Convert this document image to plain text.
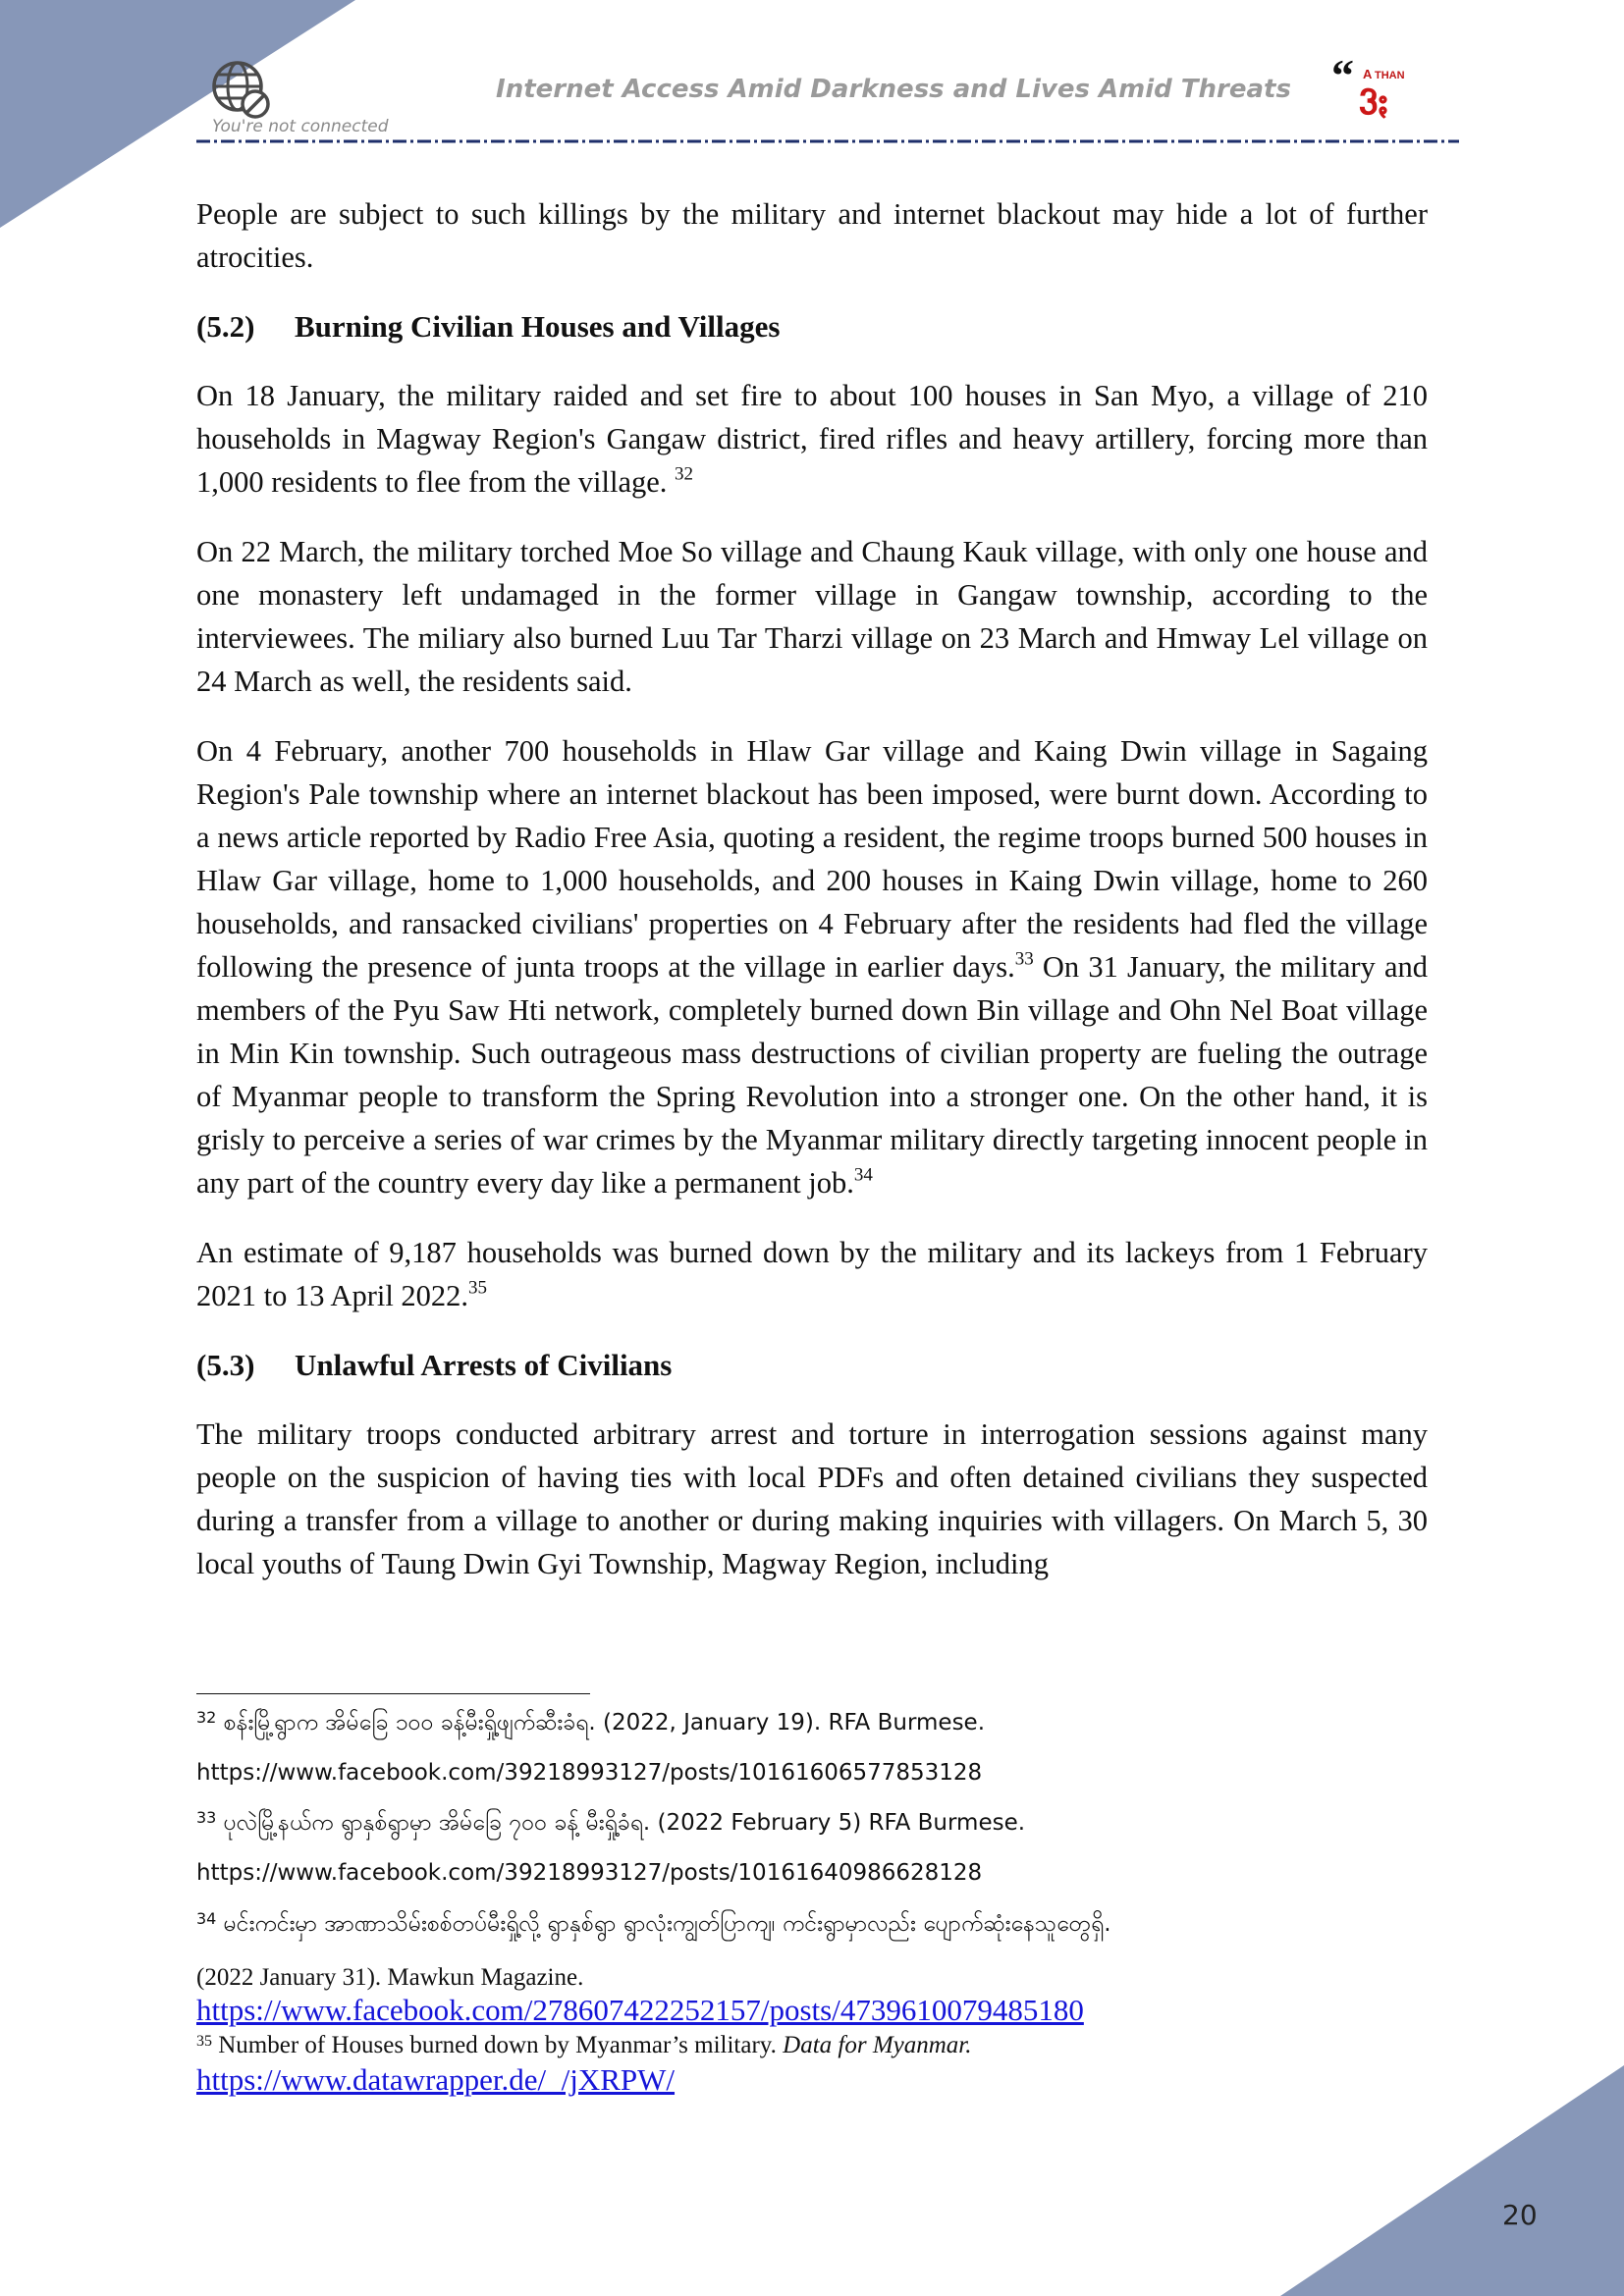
You're not connected
Internet Access Amid Darkness and Lives Amid Threats “ A THAN
3ႏ

People are subject to such killings by the military and internet blackout may hide a lot of further atrocities.

(5.2) Burning Civilian Houses and Villages

On 18 January, the military raided and set fire to about 100 houses in San Myo, a village of 210 households in Magway Region's Gangaw district, fired rifles and heavy artillery, forcing more than 1,000 residents to flee from the village. $^{32}$

On 22 March, the military torched Moe So village and Chaung Kauk village, with only one house and one monastery left undamaged in the former village in Gangaw township, according to the interviewees. The miliary also burned Luu Tar Tharzi village on 23 March and Hmway Lel village on 24 March as well, the residents said.

On 4 February, another 700 households in Hlaw Gar village and Kaing Dwin village in Sagaing Region's Pale township where an internet blackout has been imposed, were burnt down. According to a news article reported by Radio Free Asia, quoting a resident, the regime troops burned 500 houses in Hlaw Gar village, home to 1,000 households, and 200 houses in Kaing Dwin village, home to 260 households, and ransacked civilians' properties on 4 February after the residents had fled the village following the presence of junta troops at the village in earlier days.$^{33}$ On 31 January, the military and members of the Pyu Saw Hti network, completely burned down Bin village and Ohn Nel Boat village in Min Kin township. Such outrageous mass destructions of civilian property are fueling the outrage of Myanmar people to transform the Spring Revolution into a stronger one. On the other hand, it is grisly to perceive a series of war crimes by the Myanmar military directly targeting innocent people in any part of the country every day like a permanent job.$^{34}$

An estimate of 9,187 households was burned down by the military and its lackeys from 1 February 2021 to 13 April 2022.35

(5.3) Unlawful Arrests of Civilians

The military troops conducted arbitrary arrest and torture in interrogation sessions against many people on the suspicion of having ties with local PDFs and often detained civilians they suspected during a transfer from a village to another or during making inquiries with villagers. On March 5, 30 local youths of Taung Dwin Gyi Township, Magway Region, including

$^{32}$ စန်းမြို့ရွာက အိမ်ခြေ ၁၀၀ ခန့်မီးရှို့ဖျက်ဆီးခံရ. (2022, January 19). RFA Burmese.
https://www.facebook.com/39218993127/posts/10161606577853128
$^{33}$ ပုလဲမြို့နယ်က ရွာနှစ်ရွာမှာ အိမ်ခြေ ၇၀၀ ခန့် မီးရှို့ခံရ. (2022 February 5) RFA Burmese.
https://www.facebook.com/39218993127/posts/10161640986628128
$^{34}$ မင်းကင်းမှာ အာဏာသိမ်းစစ်တပ်မီးရှို့လို့ ရွာနှစ်ရွာ ရွာလုံးကျွတ်ပြာကျ၊ ကင်းရွာမှာလည်း ပျောက်ဆုံးနေသူတွေရှိ.
(2022 January 31). Mawkun Magazine.
https://www.facebook.com/278607422252157/posts/4739610079485180
$^{35}$ Number of Houses burned down by Myanmar’s military. Data for Myanmar.
https://www.datawrapper.de/_/jXRPW/
20
